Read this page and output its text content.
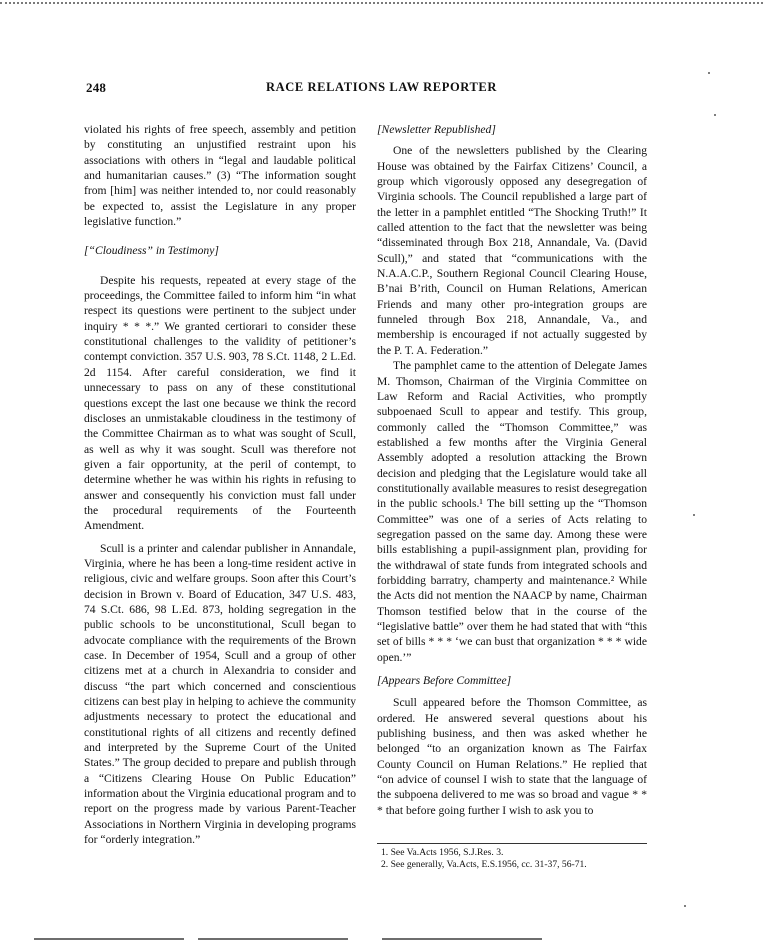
248	RACE RELATIONS LAW REPORTER

violated his rights of free speech, assembly and petition by constituting an unjustified restraint upon his associations with others in “legal and laudable political and humanitarian causes.” (3) “The information sought from [him] was neither intended to, nor could reasonably be expected to, assist the Legislature in any proper legislative function.”

[“Cloudiness” in Testimony]

Despite his requests, repeated at every stage of the proceedings, the Committee failed to inform him “in what respect its questions were pertinent to the subject under inquiry * * *.” We granted certiorari to consider these constitutional challenges to the validity of petitioner’s contempt conviction. 357 U.S. 903, 78 S.Ct. 1148, 2 L.Ed. 2d 1154. After careful consideration, we find it unnecessary to pass on any of these constitutional questions except the last one because we think the record discloses an unmistakable cloudiness in the testimony of the Committee Chairman as to what was sought of Scull, as well as why it was sought. Scull was therefore not given a fair opportunity, at the peril of contempt, to determine whether he was within his rights in refusing to answer and consequently his conviction must fall under the procedural requirements of the Fourteenth Amendment.

Scull is a printer and calendar publisher in Annandale, Virginia, where he has been a long-time resident active in religious, civic and welfare groups. Soon after this Court’s decision in Brown v. Board of Education, 347 U.S. 483, 74 S.Ct. 686, 98 L.Ed. 873, holding segregation in the public schools to be unconstitutional, Scull began to advocate compliance with the requirements of the Brown case. In December of 1954, Scull and a group of other citizens met at a church in Alexandria to consider and discuss “the part which concerned and conscientious citizens can best play in helping to achieve the community adjustments necessary to protect the educational and constitutional rights of all citizens and recently defined and interpreted by the Supreme Court of the United States.” The group decided to prepare and publish through a “Citizens Clearing House On Public Education” information about the Virginia educational program and to report on the progress made by various Parent-Teacher Associations in Northern Virginia in developing programs for “orderly integration.”

[Newsletter Republished]

One of the newsletters published by the Clearing House was obtained by the Fairfax Citizens’ Council, a group which vigorously opposed any desegregation of Virginia schools. The Council republished a large part of the letter in a pamphlet entitled “The Shocking Truth!” It called attention to the fact that the newsletter was being “disseminated through Box 218, Annandale, Va. (David Scull),” and stated that “communications with the N.A.A.C.P., Southern Regional Council Clearing House, B’nai B’rith, Council on Human Relations, American Friends and many other pro-integration groups are funneled through Box 218, Annandale, Va., and membership is encouraged if not actually suggested by the P. T. A. Federation.”

The pamphlet came to the attention of Delegate James M. Thomson, Chairman of the Virginia Committee on Law Reform and Racial Activities, who promptly subpoenaed Scull to appear and testify. This group, commonly called the “Thomson Committee,” was established a few months after the Virginia General Assembly adopted a resolution attacking the Brown decision and pledging that the Legislature would take all constitutionally available measures to resist desegregation in the public schools.¹ The bill setting up the “Thomson Committee” was one of a series of Acts relating to segregation passed on the same day. Among these were bills establishing a pupil-assignment plan, providing for the withdrawal of state funds from integrated schools and forbidding barratry, champerty and maintenance.² While the Acts did not mention the NAACP by name, Chairman Thomson testified below that in the course of the “legislative battle” over them he had stated that with “this set of bills * * * ‘we can bust that organization * * * wide open.’”

[Appears Before Committee]

Scull appeared before the Thomson Committee, as ordered. He answered several questions about his publishing business, and then was asked whether he belonged “to an organization known as The Fairfax County Council on Human Relations.” He replied that “on advice of counsel I wish to state that the language of the subpoena delivered to me was so broad and vague * * * that before going further I wish to ask you to

1. See Va.Acts 1956, S.J.Res. 3.
2. See generally, Va.Acts, E.S.1956, cc. 31-37, 56-71.
